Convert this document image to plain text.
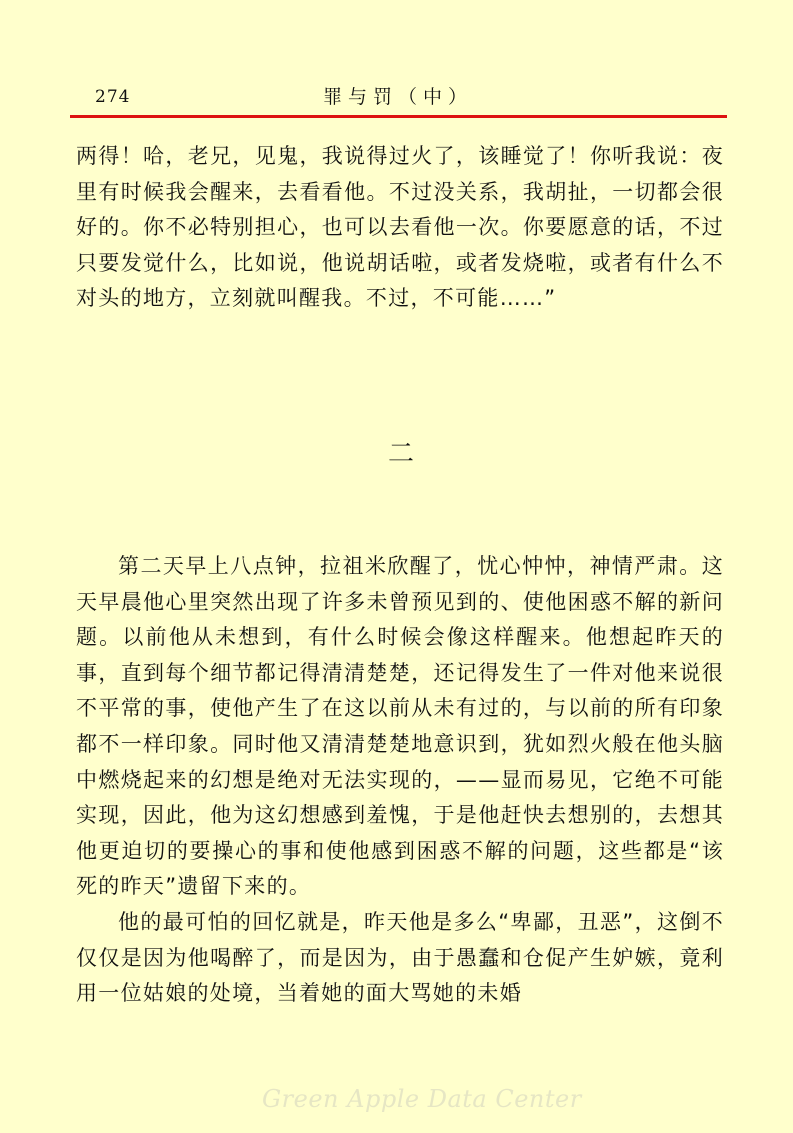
274	罪与罚（中）

两得！哈，老兄，见鬼，我说得过火了，该睡觉了！你听我说：夜里有时候我会醒来，去看看他。不过没关系，我胡扯，一切都会很好的。你不必特别担心，也可以去看他一次。你要愿意的话，不过只要发觉什么，比如说，他说胡话啦，或者发烧啦，或者有什么不对头的地方，立刻就叫醒我。不过，不可能……”

二

第二天早上八点钟，拉祖米欣醒了，忧心忡忡，神情严肃。这天早晨他心里突然出现了许多未曾预见到的、使他困惑不解的新问题。以前他从未想到，有什么时候会像这样醒来。他想起昨天的事，直到每个细节都记得清清楚楚，还记得发生了一件对他来说很不平常的事，使他产生了在这以前从未有过的，与以前的所有印象都不一样印象。同时他又清清楚楚地意识到，犹如烈火般在他头脑中燃烧起来的幻想是绝对无法实现的，——显而易见，它绝不可能实现，因此，他为这幻想感到羞愧，于是他赶快去想别的，去想其他更迫切的要操心的事和使他感到困惑不解的问题，这些都是“该死的昨天”遗留下来的。

他的最可怕的回忆就是，昨天他是多么“卑鄙，丑恶”，这倒不仅仅是因为他喝醉了，而是因为，由于愚蠢和仓促产生妒嫉，竟利用一位姑娘的处境，当着她的面大骂她的未婚

Green Apple Data Center
